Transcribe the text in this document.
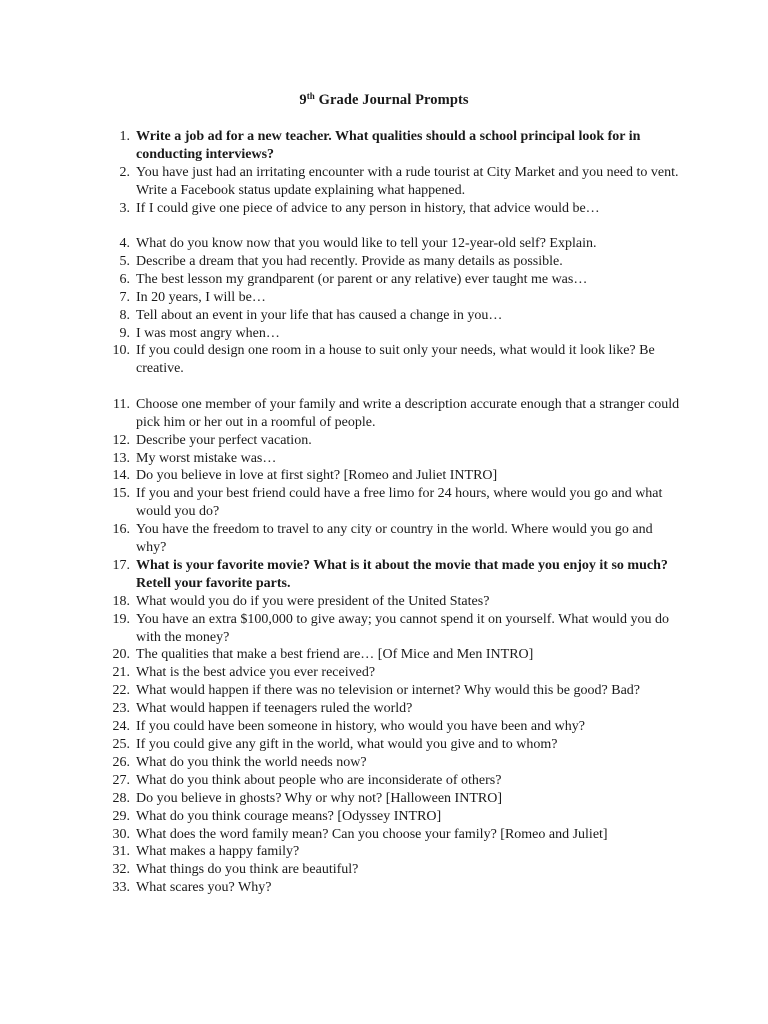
9th Grade Journal Prompts
1. Write a job ad for a new teacher. What qualities should a school principal look for in conducting interviews?
2. You have just had an irritating encounter with a rude tourist at City Market and you need to vent. Write a Facebook status update explaining what happened.
3. If I could give one piece of advice to any person in history, that advice would be…
4. What do you know now that you would like to tell your 12-year-old self? Explain.
5. Describe a dream that you had recently. Provide as many details as possible.
6. The best lesson my grandparent (or parent or any relative) ever taught me was…
7. In 20 years, I will be…
8. Tell about an event in your life that has caused a change in you…
9. I was most angry when…
10. If you could design one room in a house to suit only your needs, what would it look like? Be creative.
11. Choose one member of your family and write a description accurate enough that a stranger could pick him or her out in a roomful of people.
12. Describe your perfect vacation.
13. My worst mistake was…
14. Do you believe in love at first sight? [Romeo and Juliet INTRO]
15. If you and your best friend could have a free limo for 24 hours, where would you go and what would you do?
16. You have the freedom to travel to any city or country in the world. Where would you go and why?
17. What is your favorite movie? What is it about the movie that made you enjoy it so much? Retell your favorite parts.
18. What would you do if you were president of the United States?
19. You have an extra $100,000 to give away; you cannot spend it on yourself. What would you do with the money?
20. The qualities that make a best friend are… [Of Mice and Men INTRO]
21. What is the best advice you ever received?
22. What would happen if there was no television or internet? Why would this be good? Bad?
23. What would happen if teenagers ruled the world?
24. If you could have been someone in history, who would you have been and why?
25. If you could give any gift in the world, what would you give and to whom?
26. What do you think the world needs now?
27. What do you think about people who are inconsiderate of others?
28. Do you believe in ghosts? Why or why not? [Halloween INTRO]
29. What do you think courage means? [Odyssey INTRO]
30. What does the word family mean? Can you choose your family? [Romeo and Juliet]
31. What makes a happy family?
32. What things do you think are beautiful?
33. What scares you? Why?
